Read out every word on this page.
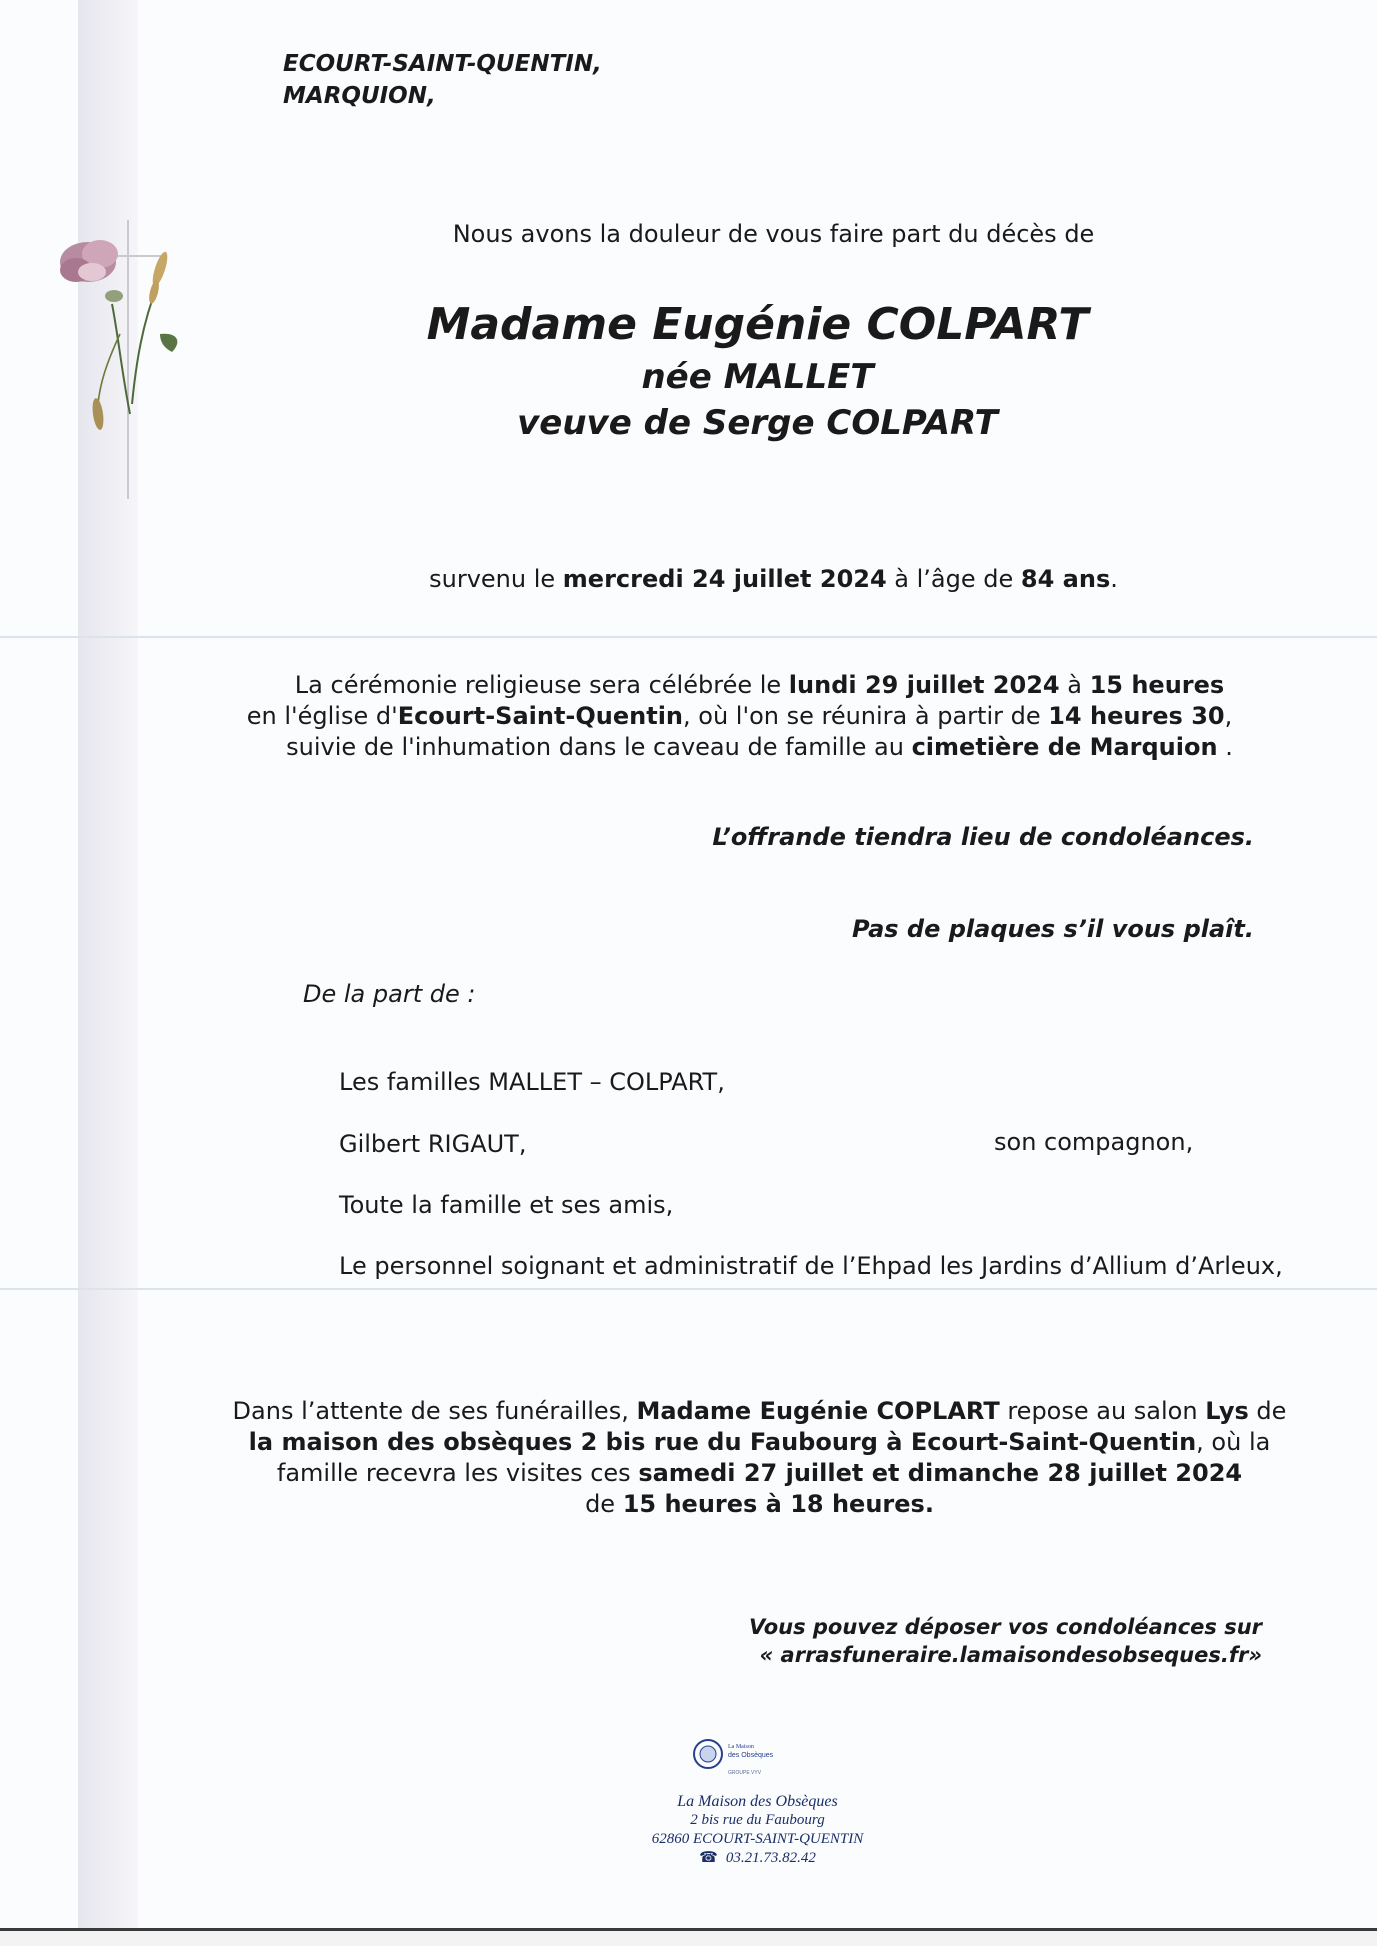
ECOURT-SAINT-QUENTIN,
MARQUION,
Nous avons la douleur de vous faire part du décès de
Madame Eugénie COLPART
née MALLET
veuve de Serge COLPART
survenu le mercredi 24 juillet 2024 à l’âge de 84 ans.
La cérémonie religieuse sera célébrée le lundi 29 juillet 2024 à 15 heures
en l'église d'Ecourt-Saint-Quentin, où l'on se réunira à partir de 14 heures 30,
suivie de l'inhumation dans le caveau de famille au cimetière de Marquion .
L’offrande tiendra lieu de condoléances.
Pas de plaques s’il vous plaît.
De la part de :
Les familles MALLET – COLPART,
Gilbert RIGAUT,	son compagnon,
Toute la famille et ses amis,
Le personnel soignant et administratif de l’Ehpad les Jardins d’Allium d’Arleux,
Dans l’attente de ses funérailles, Madame Eugénie COPLART repose au salon Lys de
la maison des obsèques 2 bis rue du Faubourg à Ecourt-Saint-Quentin, où la
famille recevra les visites ces samedi 27 juillet et dimanche 28 juillet 2024
de 15 heures à 18 heures.
Vous pouvez déposer vos condoléances sur
« arrasfuneraire.lamaisondesobseques.fr»
La Maison
des Obsèques
GROUPE VYV
La Maison des Obsèques
2 bis rue du Faubourg
62860 ECOURT-SAINT-QUENTIN
☎ 03.21.73.82.42
